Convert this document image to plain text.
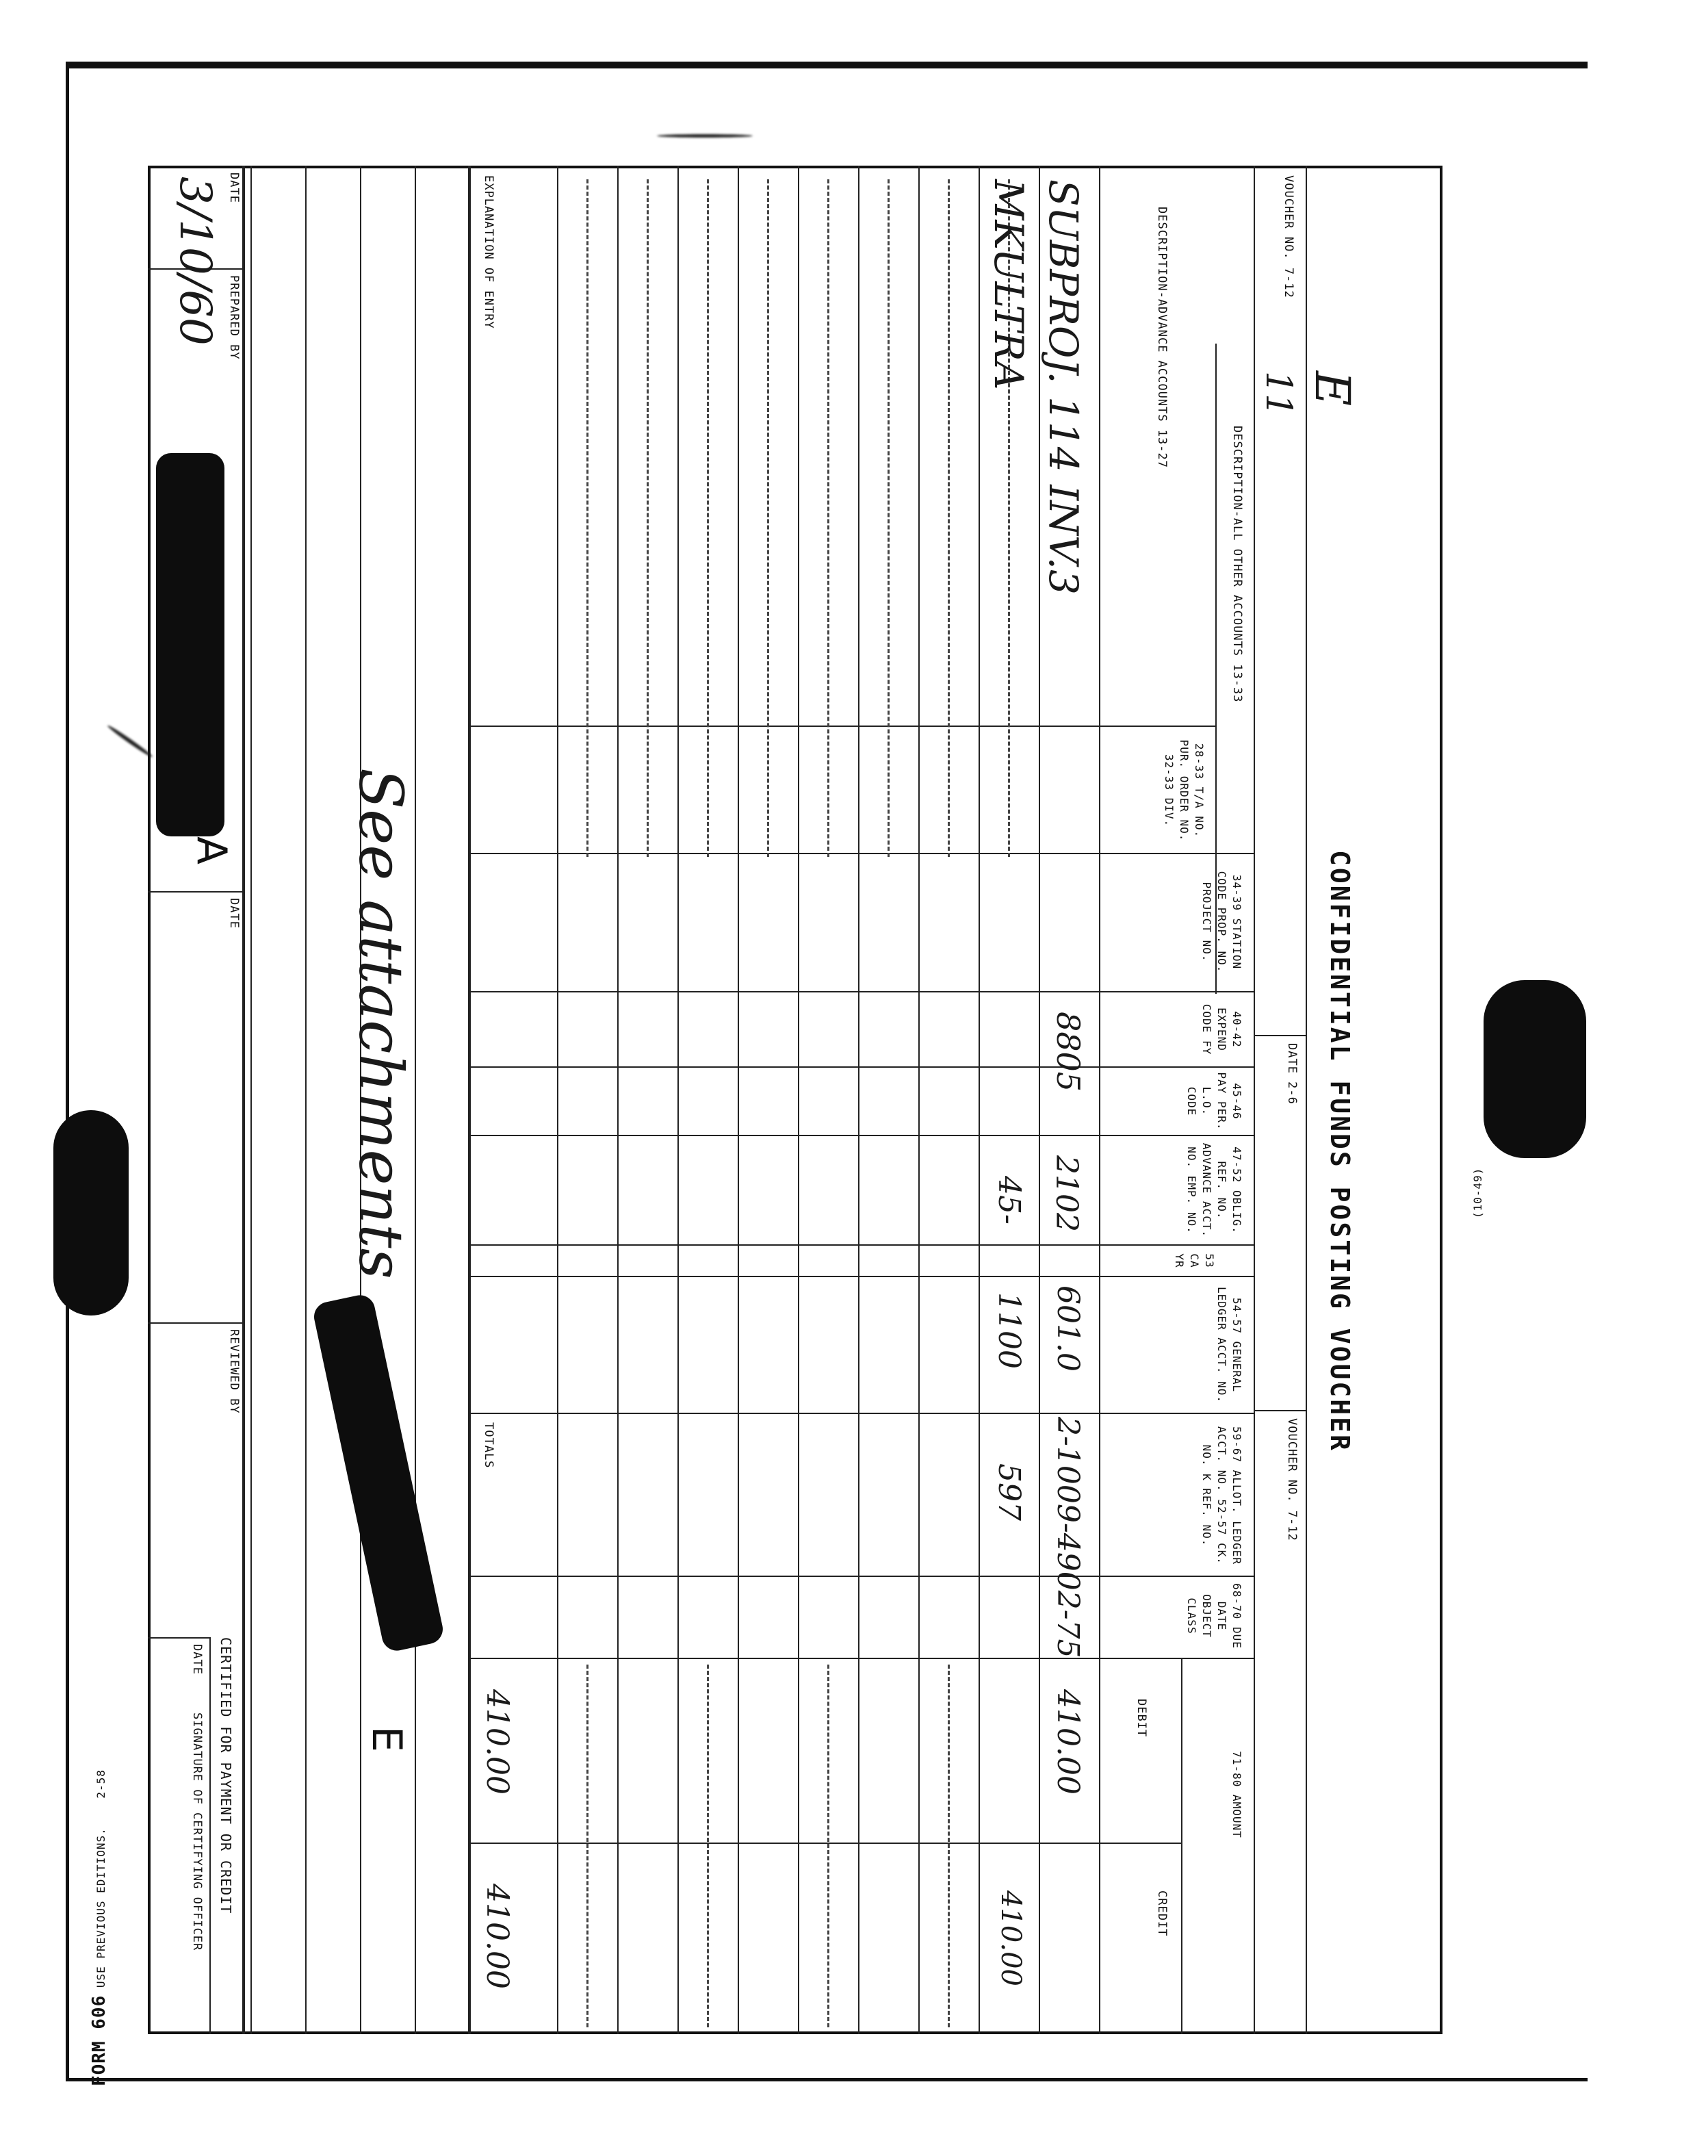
CONFIDENTIAL FUNDS POSTING VOUCHER
VOUCHER NO. 7-12
E
11
DATE 2-6
VOUCHER NO. 7-12
DESCRIPTION-ALL OTHER ACCOUNTS 13-33
DESCRIPTION-ADVANCE ACCOUNTS 13-27
28-33 T/A NO. PUR. ORDER NO. 32-33 DIV.
34-39 STATION CODE PROP. NO. PROJECT NO.
40-42 EXPEND CODE FY
45-46 PAY PER. L.O. CODE
47-52 OBLIG. REF. NO. ADVANCE ACCT. NO. EMP. NO.
53 CA YR
54-57 GENERAL LEDGER ACCT. NO.
59-67 ALLOT. LEDGER ACCT. NO. 52-57 CK. NO. K REF. NO.
68-70 DUE DATE OBJECT CLASS
71-80 AMOUNT
DEBIT
CREDIT
SUBPROJ. 114 INV.3
MKULTRA
8805
2102
601.0
2-1009-4902-75
410.00
45-
1100
597
410.00
EXPLANATION OF ENTRY
TOTALS
410.00
410.00
See attachments
E
DATE
3/10/60 PREPARED BY
A
DATE
REVIEWED BY
CERTIFIED FOR PAYMENT OR CREDIT
DATE
SIGNATURE OF CERTIFYING OFFICER
FORM 606 USE PREVIOUS EDITIONS.    2-58
(10-49)
